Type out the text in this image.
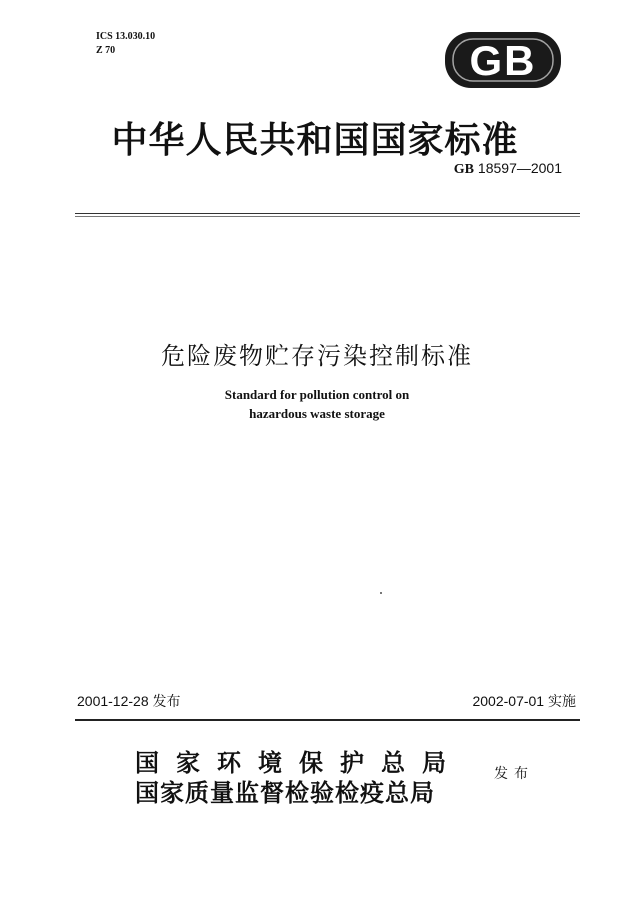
ICS 13.030.10
Z 70	GB
中华人民共和国国家标准
GB 18597—2001
危险废物贮存污染控制标准
Standard for pollution control on
hazardous waste storage
2001-12-28 发布	2002-07-01 实施
国家环境保护总局
国家质量监督检验检疫总局
发布
